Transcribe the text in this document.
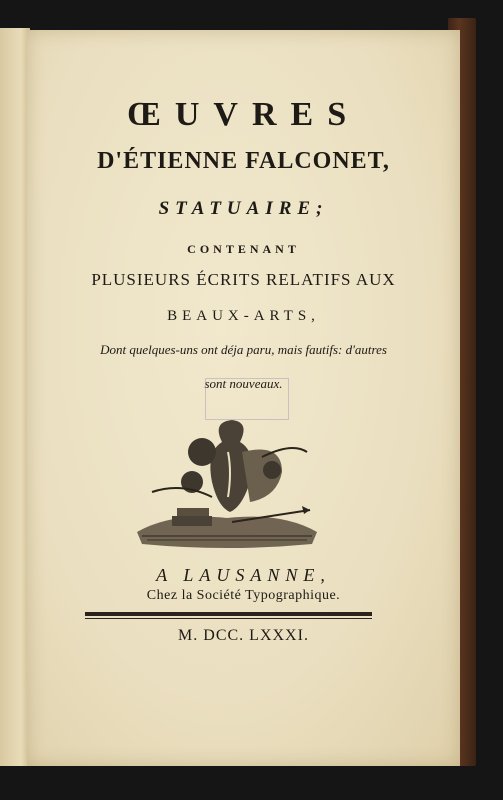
ŒUVRES
D'ÉTIENNE FALCONET,
STATUAIRE;
CONTENANT
PLUSIEURS ÉCRITS RELATIFS AUX
BEAUX-ARTS,
Dont quelques-uns ont déja paru, mais fautifs: d'autres
sont nouveaux.
A LAUSANNE,
Chez la Société Typographique.
M. DCC. LXXXI.
